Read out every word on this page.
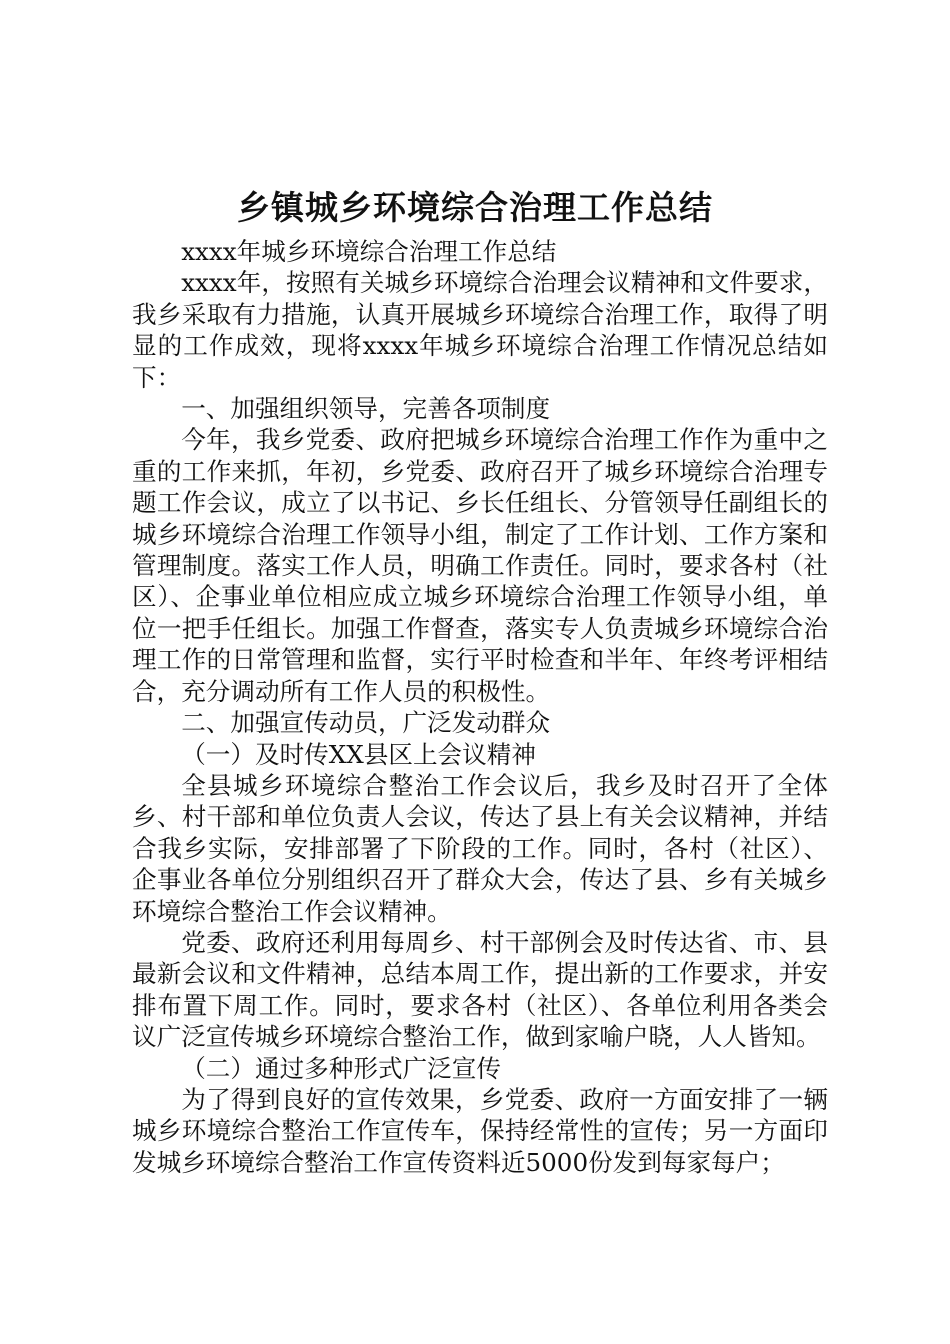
乡镇城乡环境综合治理工作总结

xxxx年城乡环境综合治理工作总结

xxxx年，按照有关城乡环境综合治理会议精神和文件要求，我乡采取有力措施，认真开展城乡环境综合治理工作，取得了明显的工作成效，现将xxxx年城乡环境综合治理工作情况总结如下：

一、加强组织领导，完善各项制度

今年，我乡党委、政府把城乡环境综合治理工作作为重中之重的工作来抓，年初，乡党委、政府召开了城乡环境综合治理专题工作会议，成立了以书记、乡长任组长、分管领导任副组长的城乡环境综合治理工作领导小组，制定了工作计划、工作方案和管理制度。落实工作人员，明确工作责任。同时，要求各村（社区）、企事业单位相应成立城乡环境综合治理工作领导小组，单位一把手任组长。加强工作督查，落实专人负责城乡环境综合治理工作的日常管理和监督，实行平时检查和半年、年终考评相结合，充分调动所有工作人员的积极性。

二、加强宣传动员，广泛发动群众

（一）及时传XX县区上会议精神

全县城乡环境综合整治工作会议后，我乡及时召开了全体乡、村干部和单位负责人会议，传达了县上有关会议精神，并结合我乡实际，安排部署了下阶段的工作。同时，各村（社区）、企事业各单位分别组织召开了群众大会，传达了县、乡有关城乡环境综合整治工作会议精神。

党委、政府还利用每周乡、村干部例会及时传达省、市、县最新会议和文件精神，总结本周工作，提出新的工作要求，并安排布置下周工作。同时，要求各村（社区）、各单位利用各类会议广泛宣传城乡环境综合整治工作，做到家喻户晓，人人皆知。

（二）通过多种形式广泛宣传

为了得到良好的宣传效果，乡党委、政府一方面安排了一辆城乡环境综合整治工作宣传车，保持经常性的宣传；另一方面印发城乡环境综合整治工作宣传资料近5000份发到每家每户；
